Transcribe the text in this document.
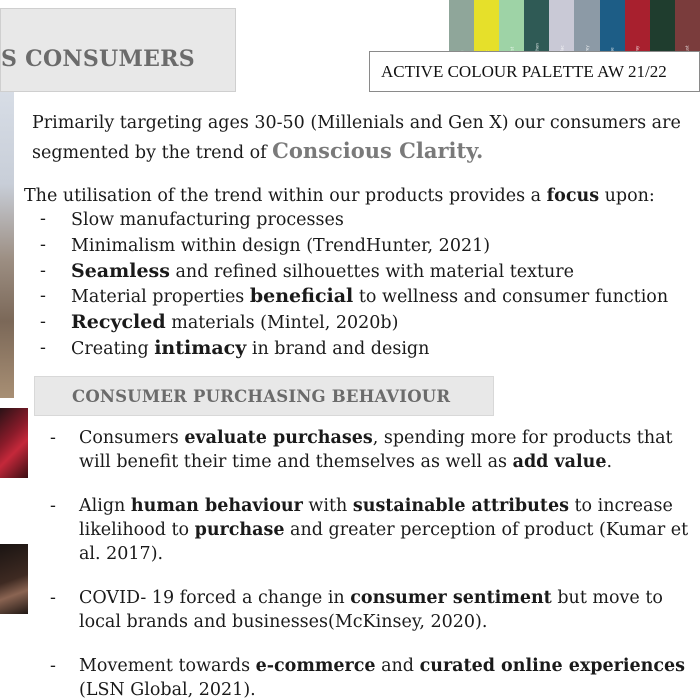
S CONSUMERS	ACTIVE COLOUR PALETTE AW 21/22

Primarily targeting ages 30-50 (Millenials and Gen X) our consumers are segmented by the trend of Conscious Clarity.

The utilisation of the trend within our products provides a focus upon:

- Slow manufacturing processes
- Minimalism within design (TrendHunter, 2021)
- Seamless and refined silhouettes with material texture
- Material properties beneficial to wellness and consumer function
- Recycled materials (Mintel, 2020b)
- Creating intimacy in brand and design
CONSUMER PURCHASING BEHAVIOUR
- Consumers evaluate purchases, spending more for products that will benefit their time and themselves as well as add value.
- Align human behaviour with sustainable attributes to increase likelihood to purchase and greater perception of product (Kumar et al. 2017).
- COVID- 19 forced a change in consumer sentiment but move to local brands and businesses(McKinsey, 2020).
- Movement towards e-commerce and curated online experiences (LSN Global, 2021).
